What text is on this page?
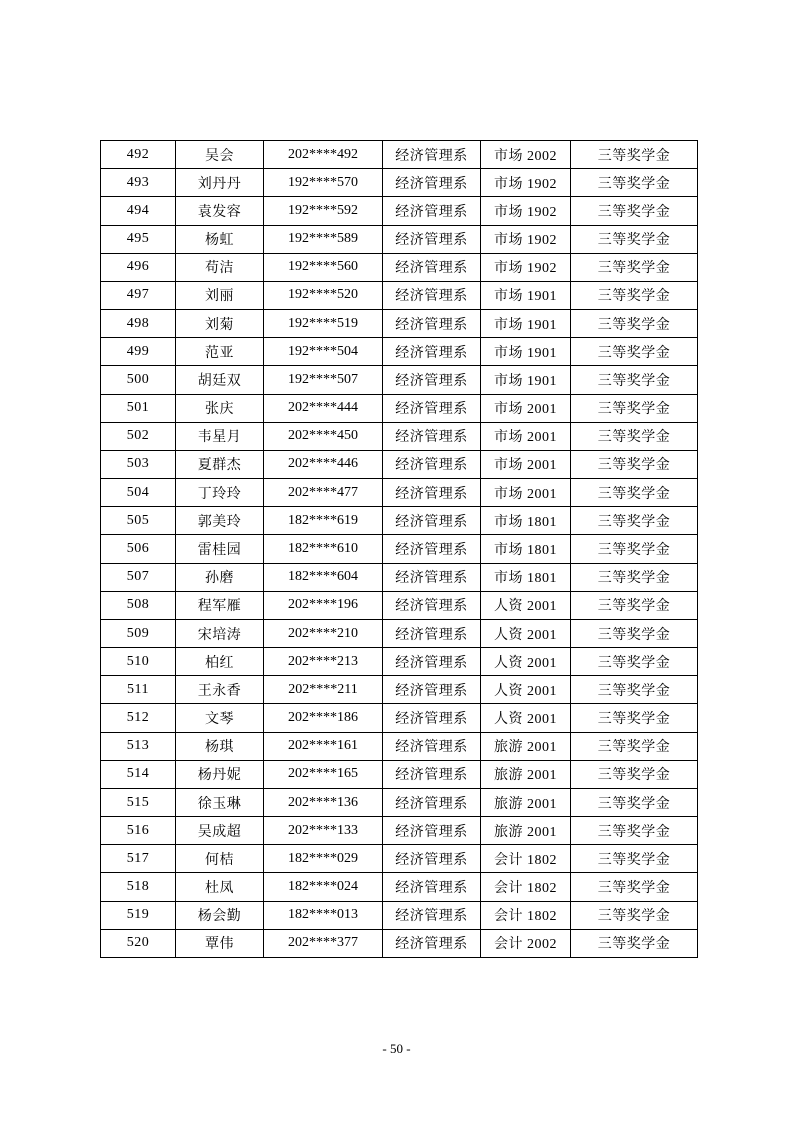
492	吴会	202****492	经济管理系	市场 2002	三等奖学金
493	刘丹丹	192****570	经济管理系	市场 1902	三等奖学金
494	袁发容	192****592	经济管理系	市场 1902	三等奖学金
495	杨虹	192****589	经济管理系	市场 1902	三等奖学金
496	苟洁	192****560	经济管理系	市场 1902	三等奖学金
497	刘丽	192****520	经济管理系	市场 1901	三等奖学金
498	刘菊	192****519	经济管理系	市场 1901	三等奖学金
499	范亚	192****504	经济管理系	市场 1901	三等奖学金
500	胡廷双	192****507	经济管理系	市场 1901	三等奖学金
501	张庆	202****444	经济管理系	市场 2001	三等奖学金
502	韦星月	202****450	经济管理系	市场 2001	三等奖学金
503	夏群杰	202****446	经济管理系	市场 2001	三等奖学金
504	丁玲玲	202****477	经济管理系	市场 2001	三等奖学金
505	郭美玲	182****619	经济管理系	市场 1801	三等奖学金
506	雷桂园	182****610	经济管理系	市场 1801	三等奖学金
507	孙磨	182****604	经济管理系	市场 1801	三等奖学金
508	程军雁	202****196	经济管理系	人资 2001	三等奖学金
509	宋培涛	202****210	经济管理系	人资 2001	三等奖学金
510	柏红	202****213	经济管理系	人资 2001	三等奖学金
511	王永香	202****211	经济管理系	人资 2001	三等奖学金
512	文琴	202****186	经济管理系	人资 2001	三等奖学金
513	杨琪	202****161	经济管理系	旅游 2001	三等奖学金
514	杨丹妮	202****165	经济管理系	旅游 2001	三等奖学金
515	徐玉琳	202****136	经济管理系	旅游 2001	三等奖学金
516	吴成超	202****133	经济管理系	旅游 2001	三等奖学金
517	何桔	182****029	经济管理系	会计 1802	三等奖学金
518	杜凤	182****024	经济管理系	会计 1802	三等奖学金
519	杨会勤	182****013	经济管理系	会计 1802	三等奖学金
520	覃伟	202****377	经济管理系	会计 2002	三等奖学金
- 50 -
